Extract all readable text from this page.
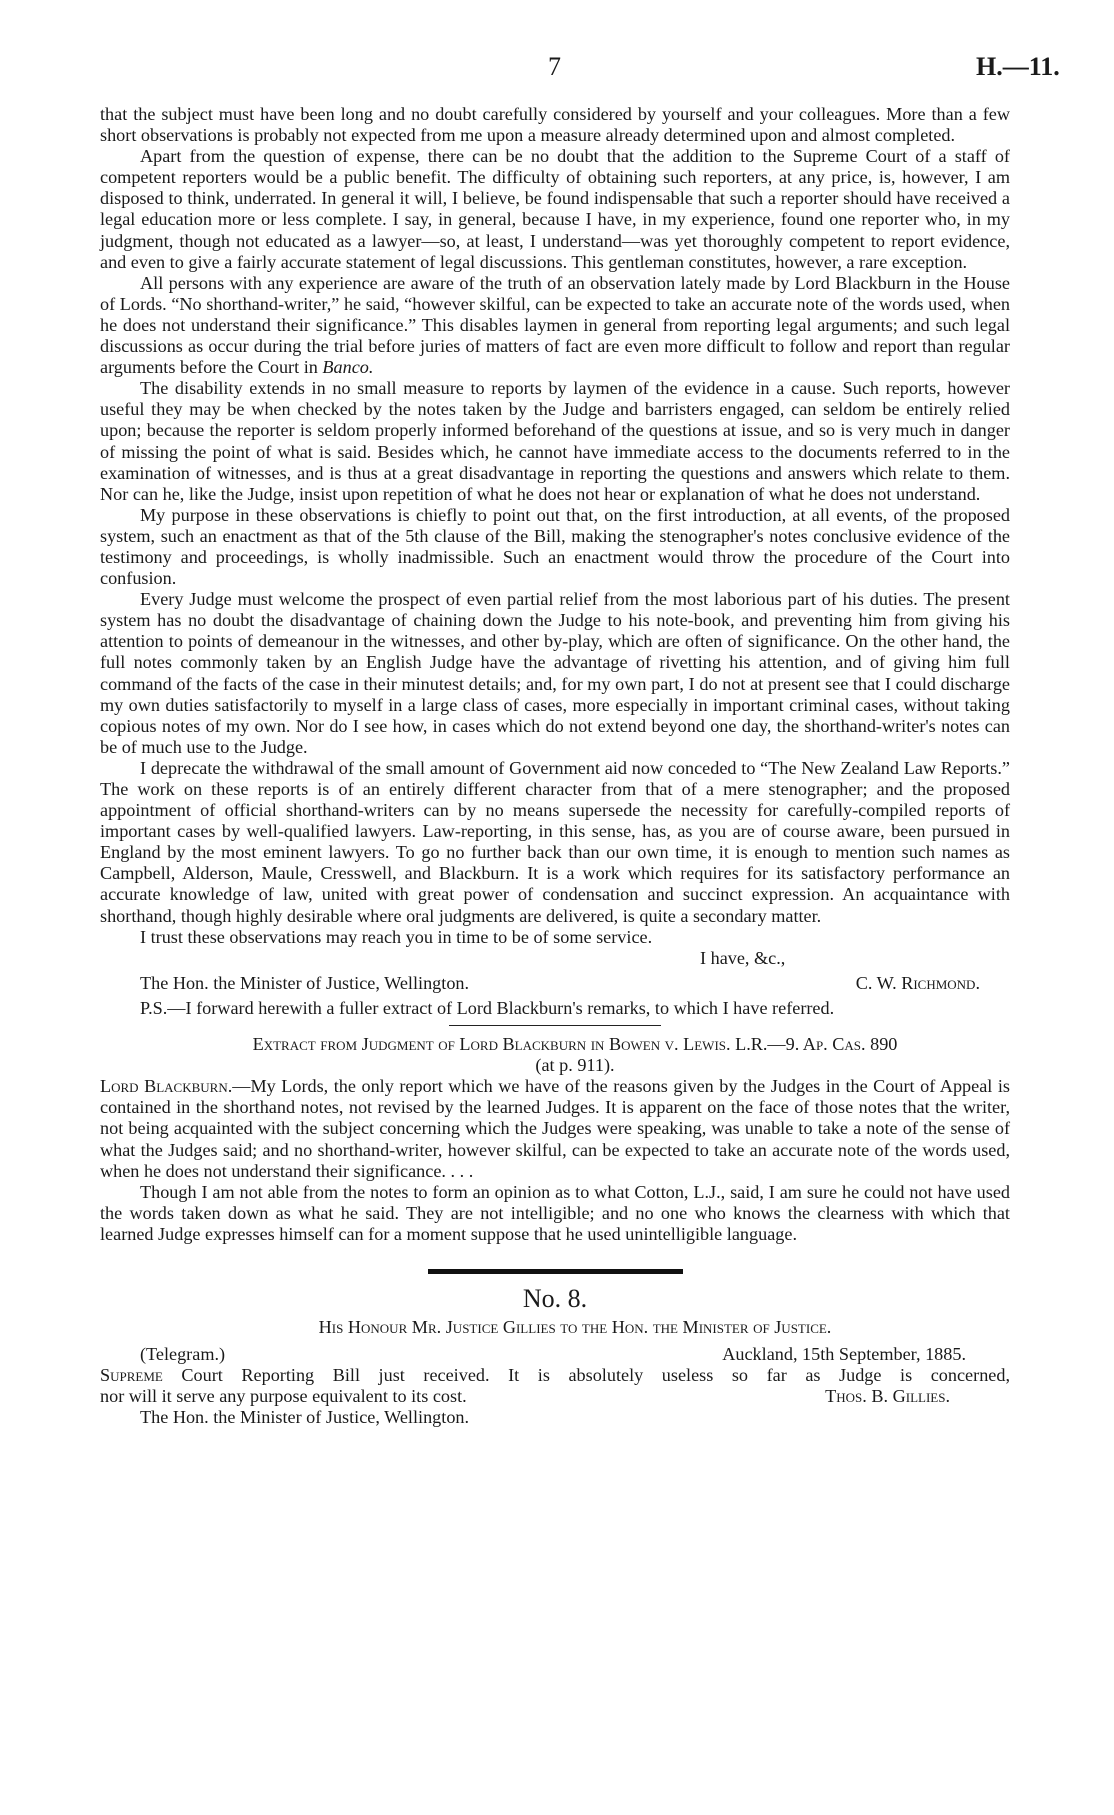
7	H.—11.

that the subject must have been long and no doubt carefully considered by yourself and your colleagues. More than a few short observations is probably not expected from me upon a measure already determined upon and almost completed.

Apart from the question of expense, there can be no doubt that the addition to the Supreme Court of a staff of competent reporters would be a public benefit. The difficulty of obtaining such reporters, at any price, is, however, I am disposed to think, underrated. In general it will, I believe, be found indispensable that such a reporter should have received a legal education more or less complete. I say, in general, because I have, in my experience, found one reporter who, in my judgment, though not educated as a lawyer—so, at least, I understand—was yet thoroughly competent to report evidence, and even to give a fairly accurate statement of legal discussions. This gentleman constitutes, however, a rare exception.

All persons with any experience are aware of the truth of an observation lately made by Lord Blackburn in the House of Lords. “No shorthand-writer,” he said, “however skilful, can be expected to take an accurate note of the words used, when he does not understand their significance.” This disables laymen in general from reporting legal arguments; and such legal discussions as occur during the trial before juries of matters of fact are even more difficult to follow and report than regular arguments before the Court in Banco.

The disability extends in no small measure to reports by laymen of the evidence in a cause. Such reports, however useful they may be when checked by the notes taken by the Judge and barristers engaged, can seldom be entirely relied upon; because the reporter is seldom properly informed beforehand of the questions at issue, and so is very much in danger of missing the point of what is said. Besides which, he cannot have immediate access to the documents referred to in the examination of witnesses, and is thus at a great disadvantage in reporting the questions and answers which relate to them. Nor can he, like the Judge, insist upon repetition of what he does not hear or explanation of what he does not understand.

My purpose in these observations is chiefly to point out that, on the first introduction, at all events, of the proposed system, such an enactment as that of the 5th clause of the Bill, making the stenographer's notes conclusive evidence of the testimony and proceedings, is wholly inadmissible. Such an enactment would throw the procedure of the Court into confusion.

Every Judge must welcome the prospect of even partial relief from the most laborious part of his duties. The present system has no doubt the disadvantage of chaining down the Judge to his note-book, and preventing him from giving his attention to points of demeanour in the witnesses, and other by-play, which are often of significance. On the other hand, the full notes commonly taken by an English Judge have the advantage of rivetting his attention, and of giving him full command of the facts of the case in their minutest details; and, for my own part, I do not at present see that I could discharge my own duties satisfactorily to myself in a large class of cases, more especially in important criminal cases, without taking copious notes of my own. Nor do I see how, in cases which do not extend beyond one day, the shorthand-writer's notes can be of much use to the Judge.

I deprecate the withdrawal of the small amount of Government aid now conceded to “The New Zealand Law Reports.” The work on these reports is of an entirely different character from that of a mere stenographer; and the proposed appointment of official shorthand-writers can by no means supersede the necessity for carefully-compiled reports of important cases by well-qualified lawyers. Law-reporting, in this sense, has, as you are of course aware, been pursued in England by the most eminent lawyers. To go no further back than our own time, it is enough to mention such names as Campbell, Alderson, Maule, Cresswell, and Blackburn. It is a work which requires for its satisfactory performance an accurate knowledge of law, united with great power of condensation and succinct expression. An acquaintance with shorthand, though highly desirable where oral judgments are delivered, is quite a secondary matter.

I trust these observations may reach you in time to be of some service.

I have, &c.,
The Hon. the Minister of Justice, Wellington.	C. W. Richmond.

P.S.—I forward herewith a fuller extract of Lord Blackburn's remarks, to which I have referred.

Extract from Judgment of Lord Blackburn in Bowen v. Lewis. L.R.—9. Ap. Cas. 890
(at p. 911).

Lord Blackburn.—My Lords, the only report which we have of the reasons given by the Judges in the Court of Appeal is contained in the shorthand notes, not revised by the learned Judges. It is apparent on the face of those notes that the writer, not being acquainted with the subject concerning which the Judges were speaking, was unable to take a note of the sense of what the Judges said; and no shorthand-writer, however skilful, can be expected to take an accurate note of the words used, when he does not understand their significance. . . .

Though I am not able from the notes to form an opinion as to what Cotton, L.J., said, I am sure he could not have used the words taken down as what he said. They are not intelligible; and no one who knows the clearness with which that learned Judge expresses himself can for a moment suppose that he used unintelligible language.

No. 8.
His Honour Mr. Justice Gillies to the Hon. the Minister of Justice.
(Telegram.)	Auckland, 15th September, 1885.
Supreme Court Reporting Bill just received. It is absolutely useless so far as Judge is concerned,
nor will it serve any purpose equivalent to its cost.	Thos. B. Gillies.
The Hon. the Minister of Justice, Wellington.
